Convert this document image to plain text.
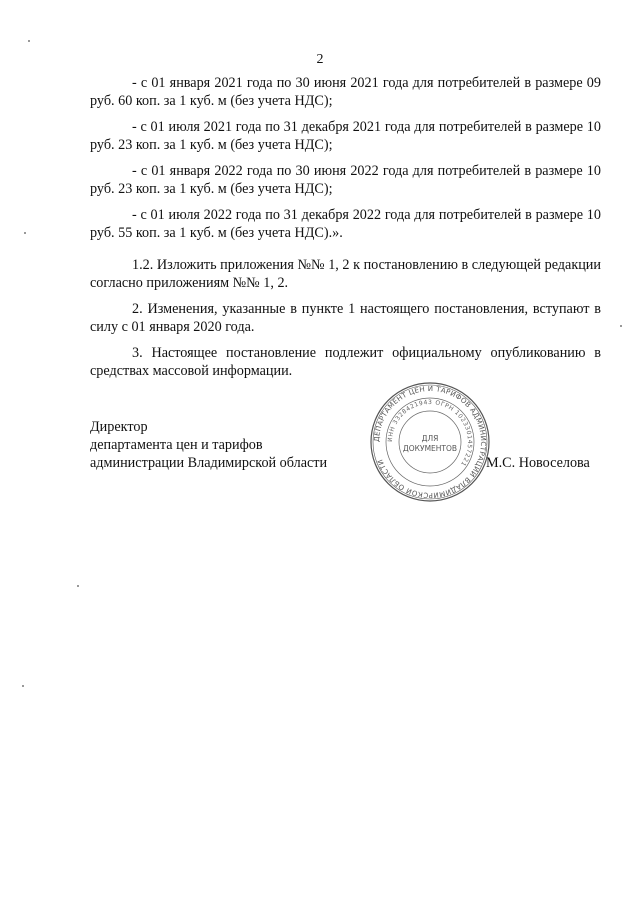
2

- с 01 января 2021 года по 30 июня 2021 года для потребителей в размере 09 руб. 60 коп. за 1 куб. м (без учета НДС);

- с 01 июля 2021 года по 31 декабря 2021 года для потребителей в размере 10 руб. 23 коп. за 1 куб. м (без учета НДС);

- с 01 января 2022 года по 30 июня 2022 года для потребителей в размере 10 руб. 23 коп. за 1 куб. м (без учета НДС);

- с 01 июля 2022 года по 31 декабря 2022 года для потребителей в размере 10 руб. 55 коп. за 1 куб. м (без учета НДС).».

1.2. Изложить приложения №№ 1, 2 к постановлению в следующей редакции согласно приложениям №№ 1, 2.

2. Изменения, указанные в пункте 1 настоящего постановления, вступают в силу с 01 января 2020 года.

3. Настоящее постановление подлежит официальному опубликованию в средствах массовой информации.

Директор
департамента цен и тарифов
администрации Владимирской области
ДЕПАРТАМЕНТ ЦЕН И ТАРИФОВ АДМИНИСТРАЦИИ ВЛАДИМИРСКОЙ ОБЛАСТИ
ИНН 3328421943 ОГРН 1023301457221
ДЛЯ
ДОКУМЕНТОВ
М.С. Новоселова
